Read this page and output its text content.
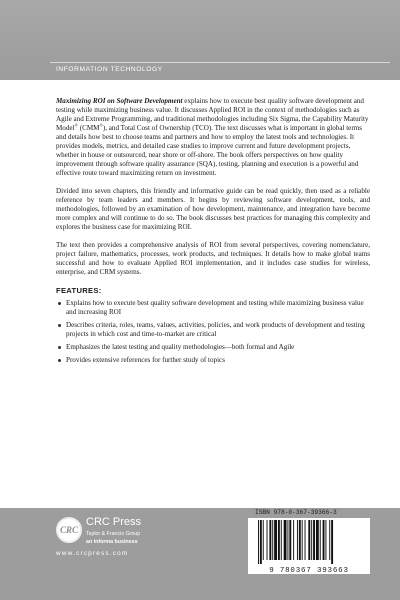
INFORMATION TECHNOLOGY

Maximizing ROI on Software Development explains how to execute best quality software development and testing while maximizing business value. It discusses Applied ROI in the context of methodologies such as Agile and Extreme Programming, and traditional methodologies including Six Sigma, the Capability Maturity Model® (CMM®), and Total Cost of Ownership (TCO). The text discusses what is important in global terms and details how best to choose teams and partners and how to employ the latest tools and technologies. It provides models, metrics, and detailed case studies to improve current and future development projects, whether in house or outsourced, near shore or off-shore. The book offers perspectives on how quality improvement through software quality assurance (SQA), testing, planning and execution is a powerful and effective route toward maximizing return on investment.

Divided into seven chapters, this friendly and informative guide can be read quickly, then used as a reliable reference by team leaders and members. It begins by reviewing software development, tools, and methodologies, followed by an examination of how development, maintenance, and integration have become more complex and will continue to do so. The book discusses best practices for managing this complexity and explores the business case for maximizing ROI.

The text then provides a comprehensive analysis of ROI from several perspectives, covering nomenclature, project failure, mathematics, processes, work products, and techniques. It details how to make global teams successful and how to evaluate Applied ROI implementation, and it includes case studies for wireless, enterprise, and CRM systems.

FEATURES:
Explains how to execute best quality software development and testing while maximizing business value and increasing ROI
Describes criteria, roles, teams, values, activities, policies, and work products of development and testing projects in which cost and time-to-market are critical
Emphasizes the latest testing and quality methodologies—both formal and Agile
Provides extensive references for further study of topics
CRC
CRC Press
Taylor & Francis Group
an informa business
www.crcpress.com
ISBN 978-0-367-39366-3
9 780367 393663
